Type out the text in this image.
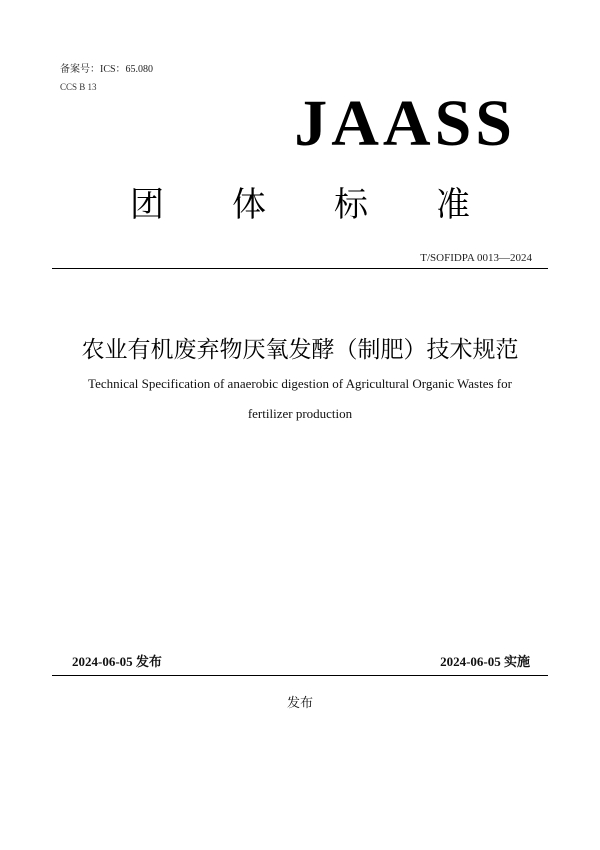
备案号：ICS：65.080
CCS B 13	JAASS
团 体 标 准
T/SOFIDPA 0013—2024
农业有机废弃物厌氧发酵（制肥）技术规范
Technical Specification of anaerobic digestion of Agricultural Organic Wastes for
fertilizer production
2024-06-05 发布	2024-06-05 实施
发布
